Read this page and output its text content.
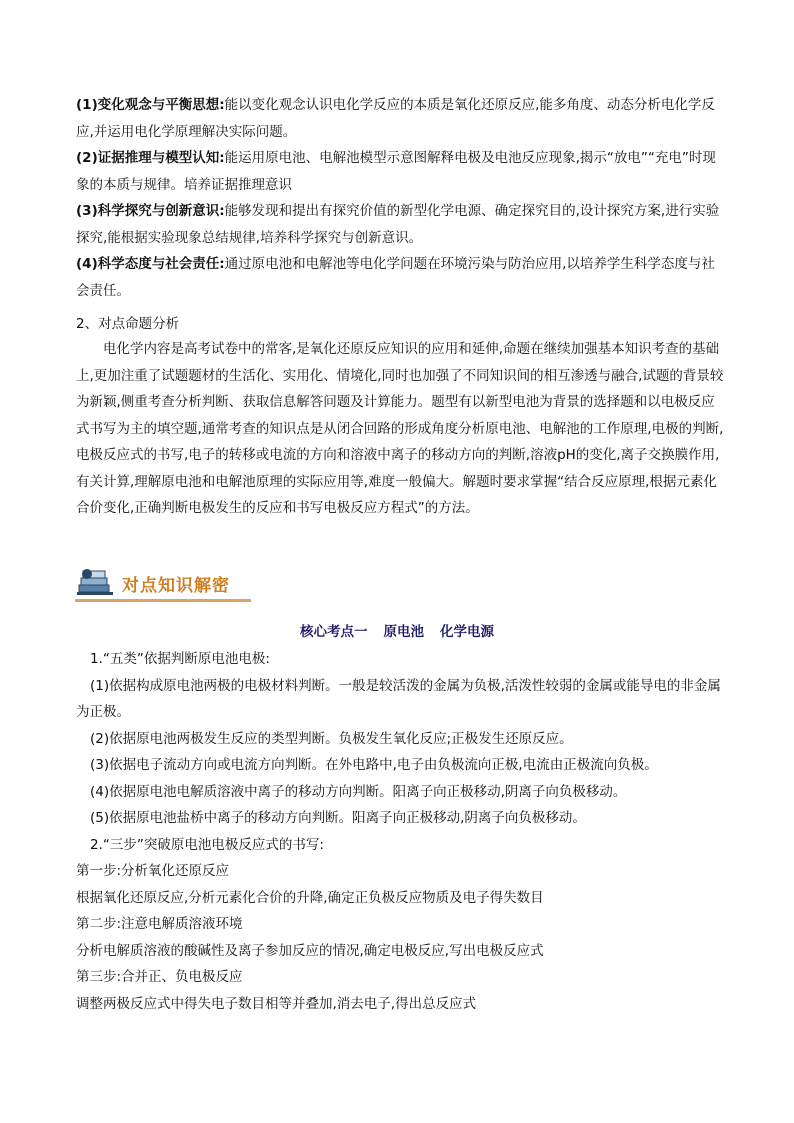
(1)变化观念与平衡思想:能以变化观念认识电化学反应的本质是氧化还原反应,能多角度、动态分析电化学反应,并运用电化学原理解决实际问题。
(2)证据推理与模型认知:能运用原电池、电解池模型示意图解释电极及电池反应现象,揭示“放电”“充电”时现象的本质与规律。培养证据推理意识
(3)科学探究与创新意识:能够发现和提出有探究价值的新型化学电源、确定探究目的,设计探究方案,进行实验探究,能根据实验现象总结规律,培养科学探究与创新意识。
(4)科学态度与社会责任:通过原电池和电解池等电化学问题在环境污染与防治应用,以培养学生科学态度与社会责任。
2、对点命题分析
电化学内容是高考试卷中的常客,是氧化还原反应知识的应用和延伸,命题在继续加强基本知识考查的基础上,更加注重了试题题材的生活化、实用化、情境化,同时也加强了不同知识间的相互渗透与融合,试题的背景较为新颖,侧重考查分析判断、获取信息解答问题及计算能力。题型有以新型电池为背景的选择题和以电极反应式书写为主的填空题,通常考查的知识点是从闭合回路的形成角度分析原电池、电解池的工作原理,电极的判断,电极反应式的书写,电子的转移或电流的方向和溶液中离子的移动方向的判断,溶液pH的变化,离子交换膜作用,有关计算,理解原电池和电解池原理的实际应用等,难度一般偏大。解题时要求掌握“结合反应原理,根据元素化合价变化,正确判断电极发生的反应和书写电极反应方程式”的方法。
对点知识解密
核心考点一 原电池 化学电源
1.“五类”依据判断原电池电极:
(1)依据构成原电池两极的电极材料判断。一般是较活泼的金属为负极,活泼性较弱的金属或能导电的非金属为正极。
(2)依据原电池两极发生反应的类型判断。负极发生氧化反应;正极发生还原反应。
(3)依据电子流动方向或电流方向判断。在外电路中,电子由负极流向正极,电流由正极流向负极。
(4)依据原电池电解质溶液中离子的移动方向判断。阳离子向正极移动,阴离子向负极移动。
(5)依据原电池盐桥中离子的移动方向判断。阳离子向正极移动,阴离子向负极移动。
2.“三步”突破原电池电极反应式的书写:
第一步:分析氧化还原反应
根据氧化还原反应,分析元素化合价的升降,确定正负极反应物质及电子得失数目
第二步:注意电解质溶液环境
分析电解质溶液的酸碱性及离子参加反应的情况,确定电极反应,写出电极反应式
第三步:合并正、负电极反应
调整两极反应式中得失电子数目相等并叠加,消去电子,得出总反应式
